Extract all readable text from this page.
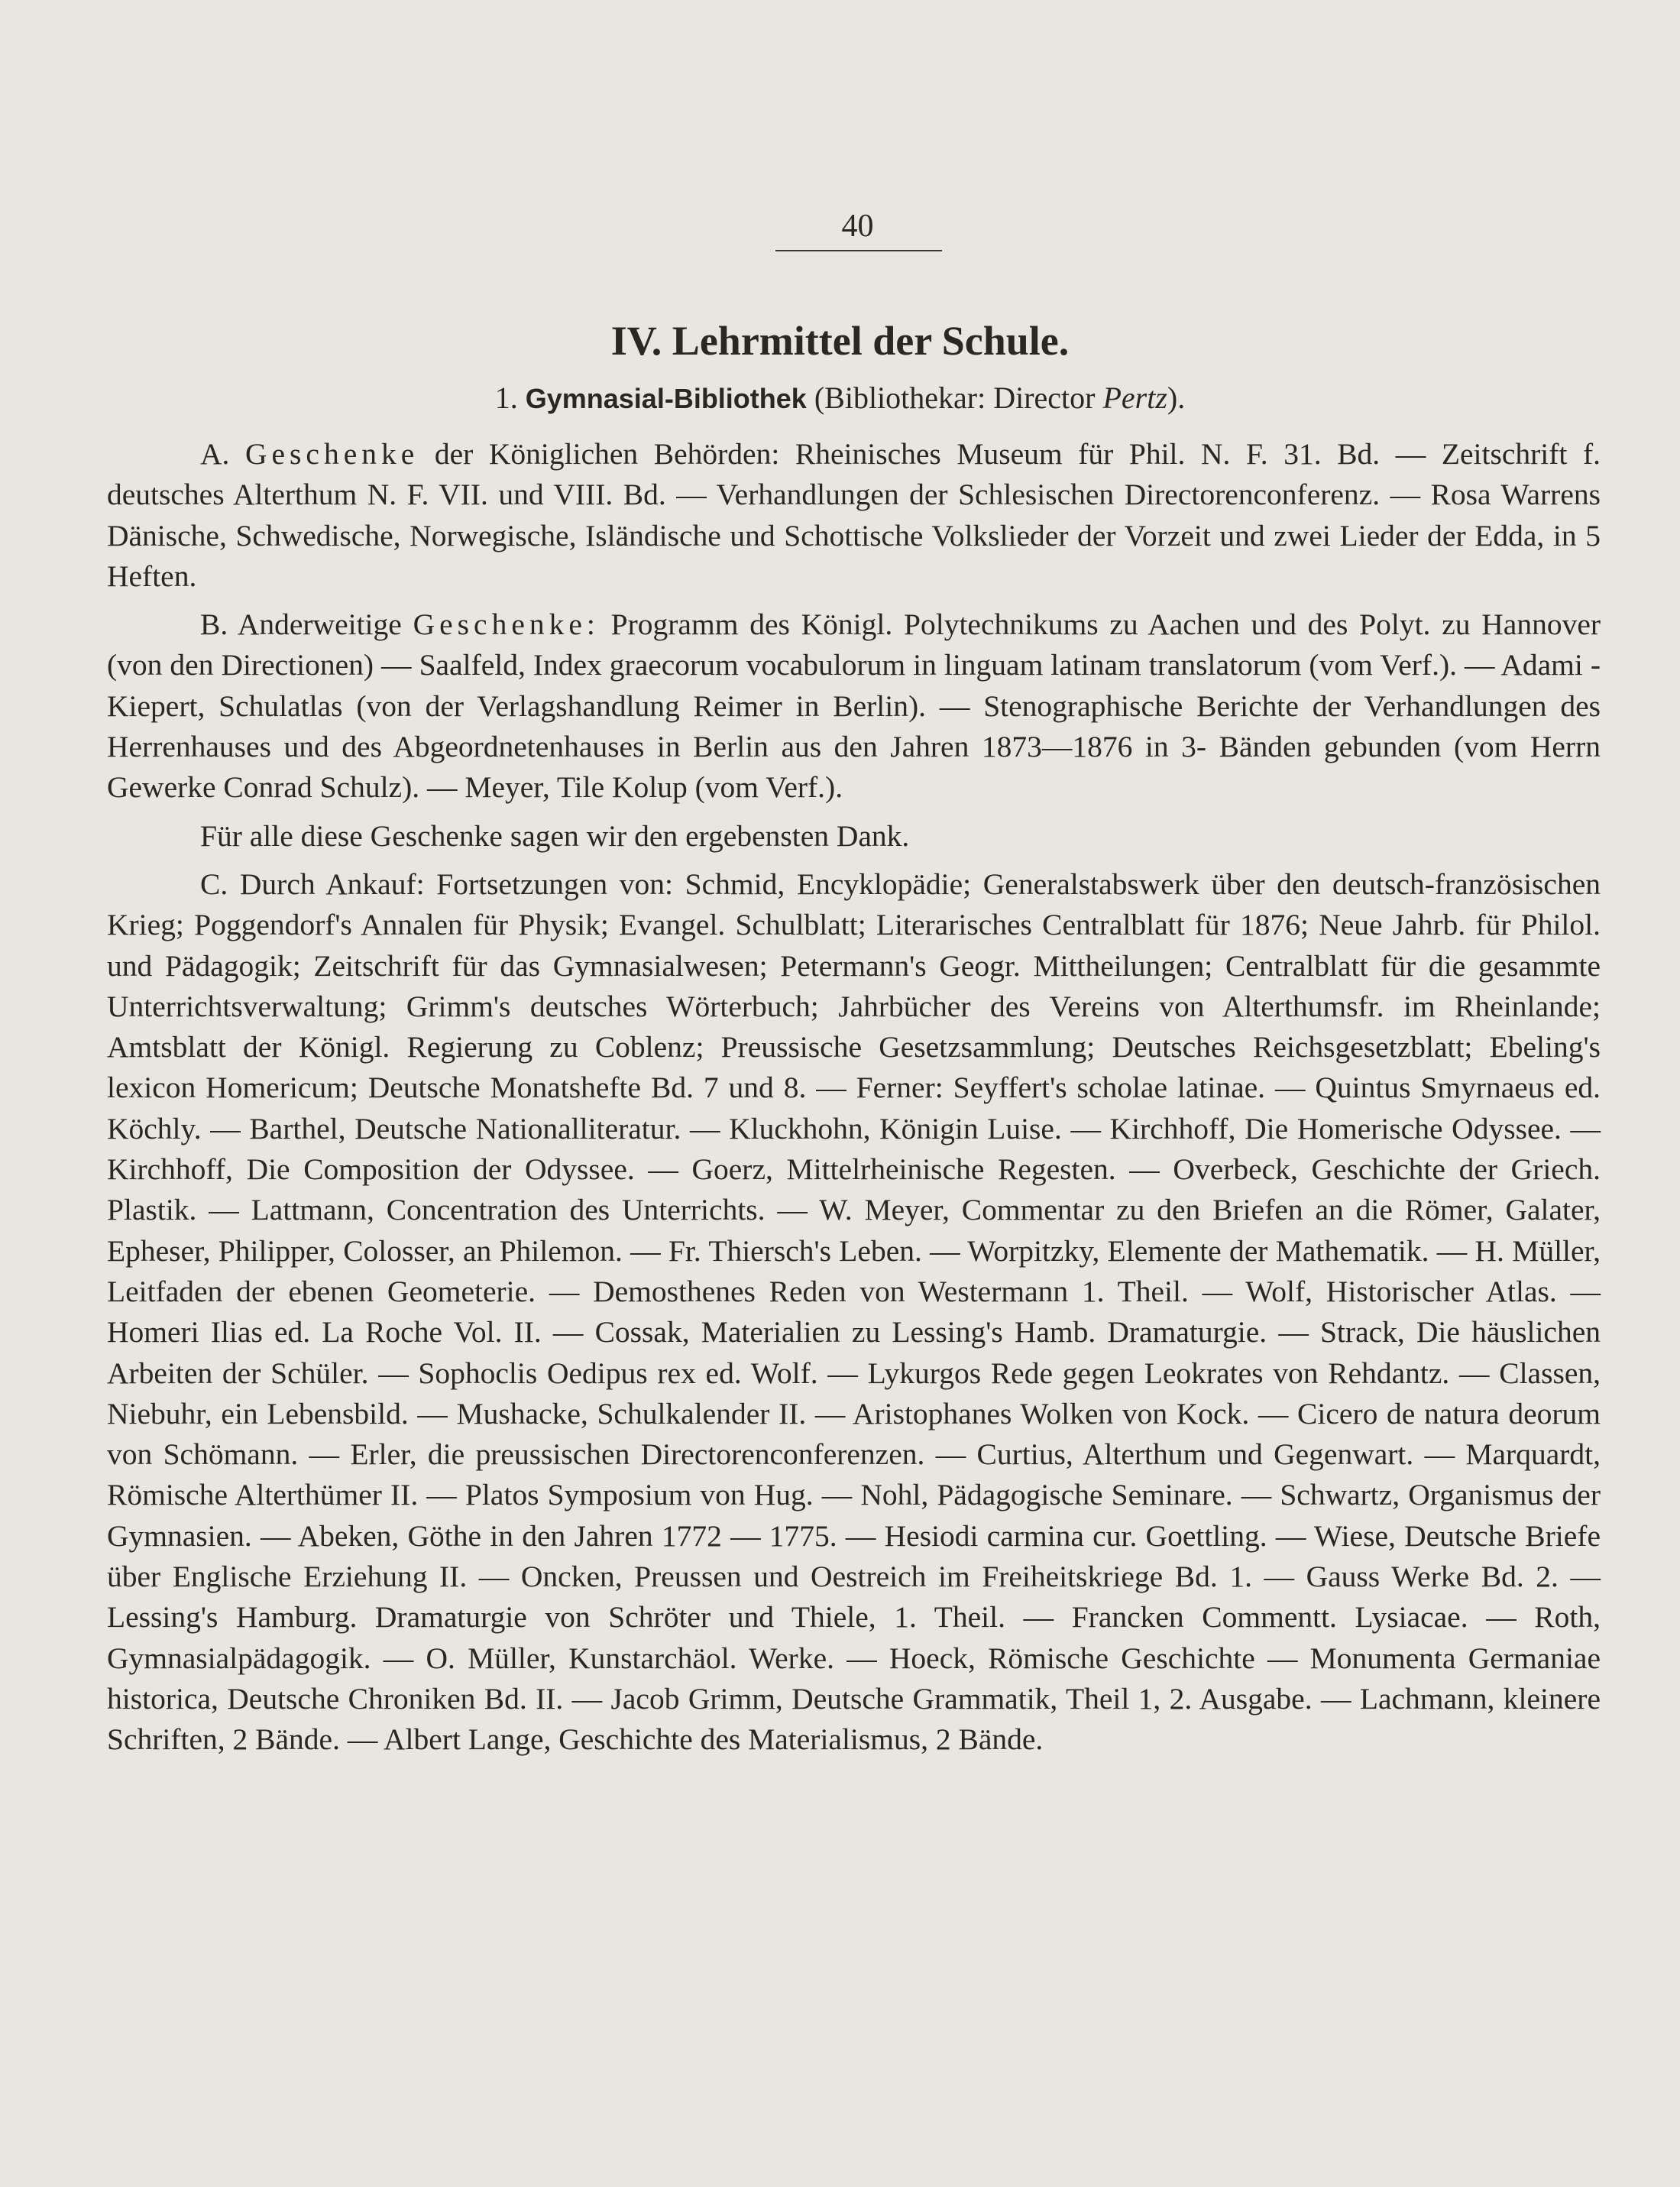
40
IV. Lehrmittel der Schule.
1. Gymnasial-Bibliothek (Bibliothekar: Director Pertz).

A. Geschenke der Königlichen Behörden: Rheinisches Museum für Phil. N. F. 31. Bd. — Zeitschrift f. deutsches Alterthum N. F. VII. und VIII. Bd. — Verhandlungen der Schlesischen Directorenconferenz. — Rosa Warrens Dänische, Schwedische, Norwegische, Isländische und Schottische Volkslieder der Vorzeit und zwei Lieder der Edda, in 5 Heften.

B. Anderweitige Geschenke: Programm des Königl. Polytechnikums zu Aachen und des Polyt. zu Hannover (von den Directionen) — Saalfeld, Index graecorum vocabulorum in linguam latinam translatorum (vom Verf.). — Adami - Kiepert, Schulatlas (von der Verlagshandlung Reimer in Berlin). — Stenographische Berichte der Verhandlungen des Herrenhauses und des Abgeordnetenhauses in Berlin aus den Jahren 1873—1876 in 3- Bänden gebunden (vom Herrn Gewerke Conrad Schulz). — Meyer, Tile Kolup (vom Verf.).

Für alle diese Geschenke sagen wir den ergebensten Dank.

C. Durch Ankauf: Fortsetzungen von: Schmid, Encyklopädie; Generalstabswerk über den deutsch-französischen Krieg; Poggendorf's Annalen für Physik; Evangel. Schulblatt; Literarisches Centralblatt für 1876; Neue Jahrb. für Philol. und Pädagogik; Zeitschrift für das Gymnasialwesen; Petermann's Geogr. Mittheilungen; Centralblatt für die gesammte Unterrichtsverwaltung; Grimm's deutsches Wörterbuch; Jahrbücher des Vereins von Alterthumsfr. im Rheinlande; Amtsblatt der Königl. Regierung zu Coblenz; Preussische Gesetzsammlung; Deutsches Reichsgesetzblatt; Ebeling's lexicon Homericum; Deutsche Monatshefte Bd. 7 und 8. — Ferner: Seyffert's scholae latinae. — Quintus Smyrnaeus ed. Köchly. — Barthel, Deutsche Nationalliteratur. — Kluckhohn, Königin Luise. — Kirchhoff, Die Homerische Odyssee. — Kirchhoff, Die Composition der Odyssee. — Goerz, Mittelrheinische Regesten. — Overbeck, Geschichte der Griech. Plastik. — Lattmann, Concentration des Unterrichts. — W. Meyer, Commentar zu den Briefen an die Römer, Galater, Epheser, Philipper, Colosser, an Philemon. — Fr. Thiersch's Leben. — Worpitzky, Elemente der Mathematik. — H. Müller, Leitfaden der ebenen Geometerie. — Demosthenes Reden von Westermann 1. Theil. — Wolf, Historischer Atlas. — Homeri Ilias ed. La Roche Vol. II. — Cossak, Materialien zu Lessing's Hamb. Dramaturgie. — Strack, Die häuslichen Arbeiten der Schüler. — Sophoclis Oedipus rex ed. Wolf. — Lykurgos Rede gegen Leokrates von Rehdantz. — Classen, Niebuhr, ein Lebensbild. — Mushacke, Schulkalender II. — Aristophanes Wolken von Kock. — Cicero de natura deorum von Schömann. — Erler, die preussischen Directorenconferenzen. — Curtius, Alterthum und Gegenwart. — Marquardt, Römische Alterthümer II. — Platos Symposium von Hug. — Nohl, Pädagogische Seminare. — Schwartz, Organismus der Gymnasien. — Abeken, Göthe in den Jahren 1772 — 1775. — Hesiodi carmina cur. Goettling. — Wiese, Deutsche Briefe über Englische Erziehung II. — Oncken, Preussen und Oestreich im Freiheitskriege Bd. 1. — Gauss Werke Bd. 2. — Lessing's Hamburg. Dramaturgie von Schröter und Thiele, 1. Theil. — Francken Commentt. Lysiacae. — Roth, Gymnasialpädagogik. — O. Müller, Kunstarchäol. Werke. — Hoeck, Römische Geschichte — Monumenta Germaniae historica, Deutsche Chroniken Bd. II. — Jacob Grimm, Deutsche Grammatik, Theil 1, 2. Ausgabe. — Lachmann, kleinere Schriften, 2 Bände. — Albert Lange, Geschichte des Materialismus, 2 Bände.
